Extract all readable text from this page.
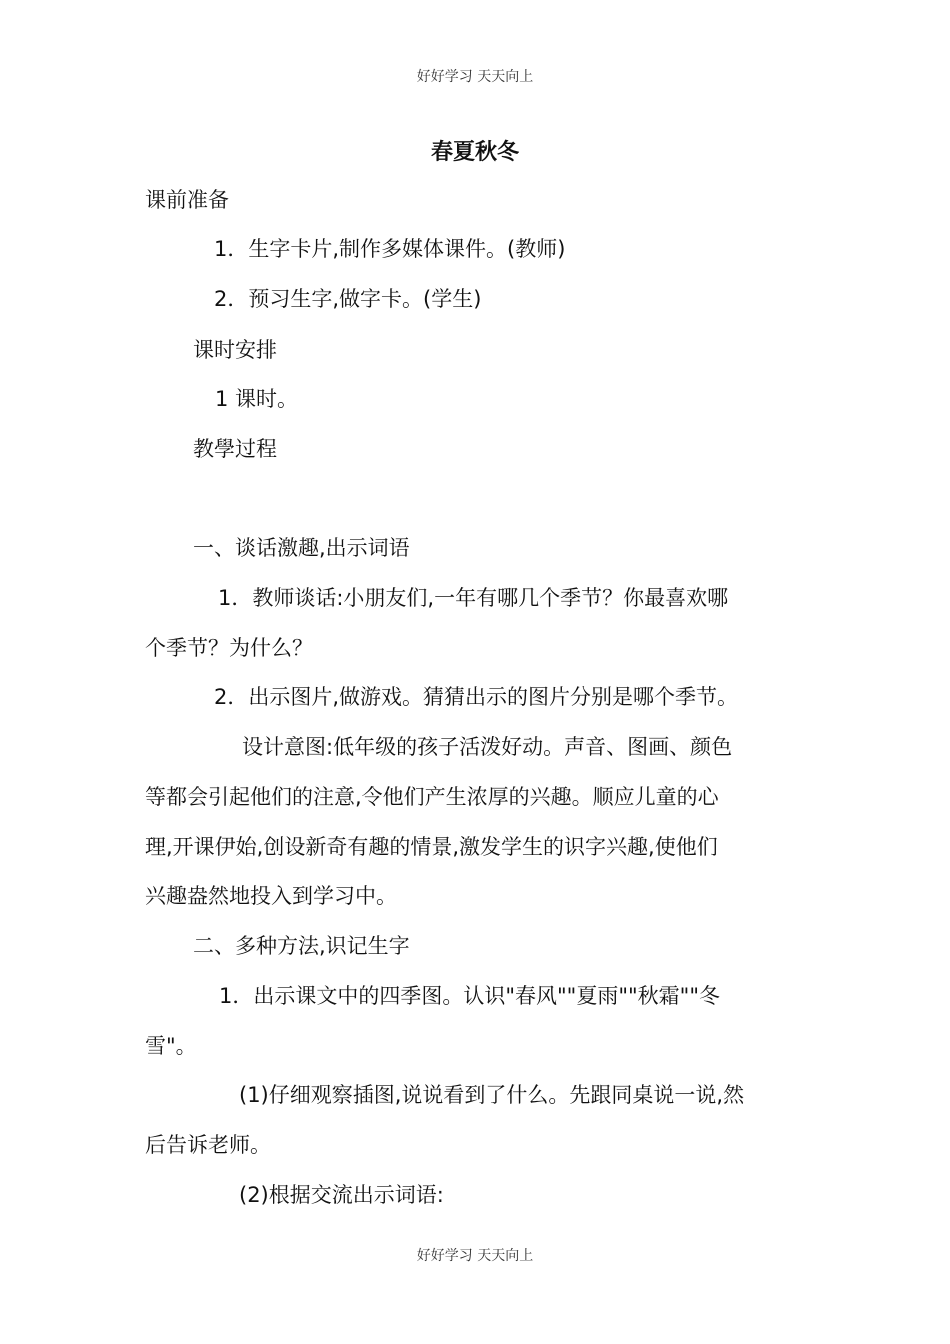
好好学习 天天向上
春夏秋冬
课前准备
1．生字卡片,制作多媒体课件。(教师)
2．预习生字,做字卡。(学生)
课时安排
1 课时。
教學过程
一、谈话激趣,出示词语
1．教师谈话:小朋友们,一年有哪几个季节？你最喜欢哪
个季节？为什么？
2．出示图片,做游戏。猜猜出示的图片分别是哪个季节。
设计意图:低年级的孩子活泼好动。声音、图画、颜色
等都会引起他们的注意,令他们产生浓厚的兴趣。顺应儿童的心
理,开课伊始,创设新奇有趣的情景,激发学生的识字兴趣,使他们
兴趣盎然地投入到学习中。
二、多种方法,识记生字
1．出示课文中的四季图。认识"春风""夏雨""秋霜""冬
雪"。
(1)仔细观察插图,说说看到了什么。先跟同桌说一说,然
后告诉老师。
(2)根据交流出示词语:
好好学习 天天向上
